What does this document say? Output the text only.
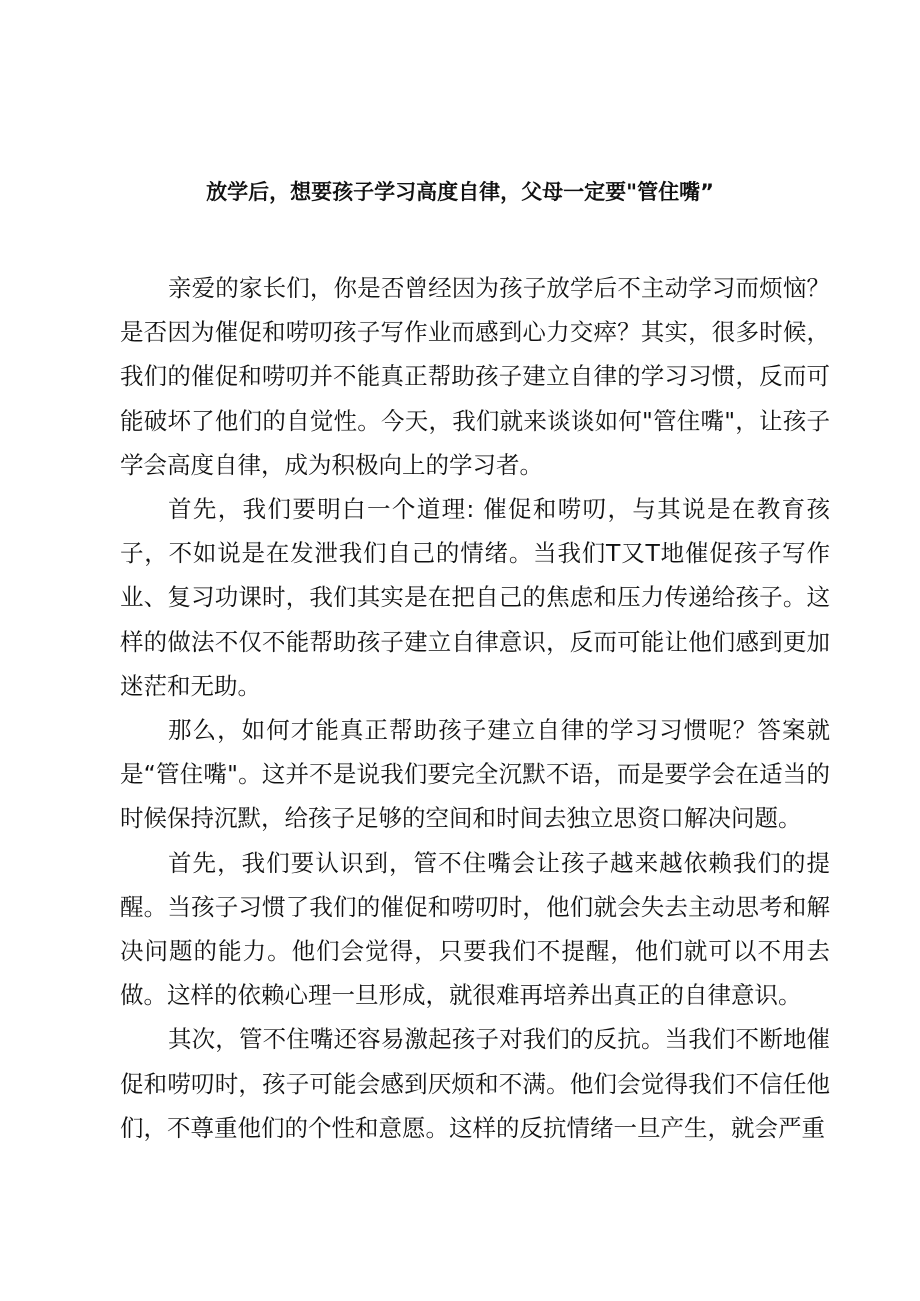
放学后，想要孩子学习高度自律，父母一定要"管住嘴”

亲爱的家长们，你是否曾经因为孩子放学后不主动学习而烦恼？是否因为催促和唠叨孩子写作业而感到心力交瘁？其实，很多时候，我们的催促和唠叨并不能真正帮助孩子建立自律的学习习惯，反而可能破坏了他们的自觉性。今天，我们就来谈谈如何"管住嘴"，让孩子学会高度自律，成为积极向上的学习者。

首先，我们要明白一个道理: 催促和唠叨，与其说是在教育孩子，不如说是在发泄我们自己的情绪。当我们T又T地催促孩子写作业、复习功课时，我们其实是在把自己的焦虑和压力传递给孩子。这样的做法不仅不能帮助孩子建立自律意识，反而可能让他们感到更加迷茫和无助。

那么，如何才能真正帮助孩子建立自律的学习习惯呢？答案就是“管住嘴"。这并不是说我们要完全沉默不语，而是要学会在适当的时候保持沉默，给孩子足够的空间和时间去独立思资口解决问题。

首先，我们要认识到，管不住嘴会让孩子越来越依赖我们的提醒。当孩子习惯了我们的催促和唠叨时，他们就会失去主动思考和解决问题的能力。他们会觉得，只要我们不提醒，他们就可以不用去做。这样的依赖心理一旦形成，就很难再培养出真正的自律意识。

其次，管不住嘴还容易激起孩子对我们的反抗。当我们不断地催促和唠叨时，孩子可能会感到厌烦和不满。他们会觉得我们不信任他们，不尊重他们的个性和意愿。这样的反抗情绪一旦产生，就会严重
